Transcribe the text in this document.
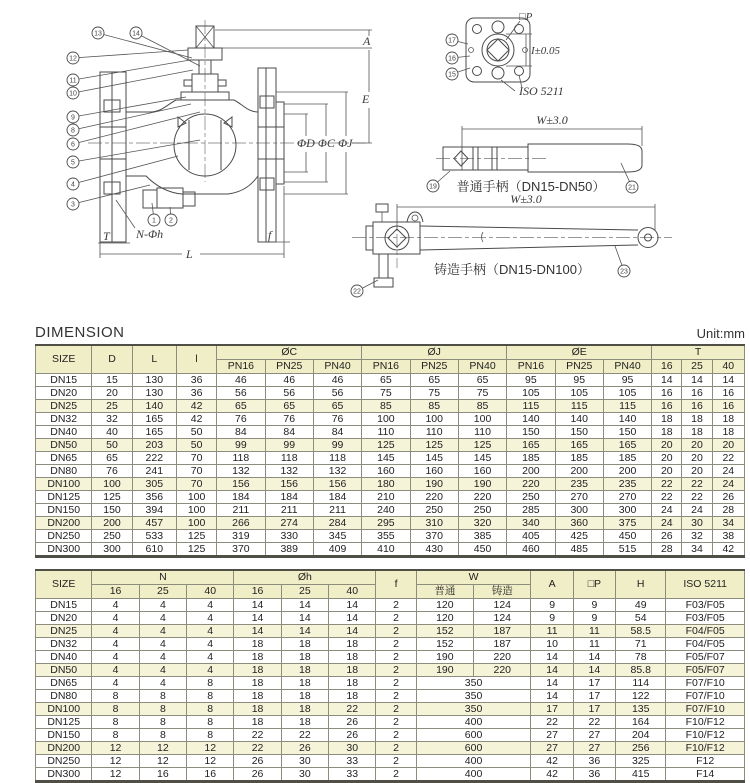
ΦD ΦC ΦJ
A
E
L
T	f
N-Φh
□P
I±0.05
ISO 5211
W±3.0
普通手柄（DN15-DN50）
W±3.0
铸造手柄（DN15-DN100）
13	14
12
11
10
9
8
6
5
4
3
1 2
17
16
15
19	21
22
23
DIMENSION	Unit:mm
SIZE	D	L	l	ØC			ØJ			ØE			T		
				PN16	PN25	PN40	PN16	PN25	PN40	PN16	PN25	PN40	16	25	40
DN15	15	130	36	46	46	46	65	65	65	95	95	95	14	14	14
DN20	20	130	36	56	56	56	75	75	75	105	105	105	16	16	16
DN25	25	140	42	65	65	65	85	85	85	115	115	115	16	16	16
DN32	32	165	42	76	76	76	100	100	100	140	140	140	18	18	18
DN40	40	165	50	84	84	84	110	110	110	150	150	150	18	18	18
DN50	50	203	50	99	99	99	125	125	125	165	165	165	20	20	20
DN65	65	222	70	118	118	118	145	145	145	185	185	185	20	20	22
DN80	76	241	70	132	132	132	160	160	160	200	200	200	20	20	24
DN100	100	305	70	156	156	156	180	190	190	220	235	235	22	22	24
DN125	125	356	100	184	184	184	210	220	220	250	270	270	22	22	26
DN150	150	394	100	211	211	211	240	250	250	285	300	300	24	24	28
DN200	200	457	100	266	274	284	295	310	320	340	360	375	24	30	34
DN250	250	533	125	319	330	345	355	370	385	405	425	450	26	32	38
DN300	300	610	125	370	389	409	410	430	450	460	485	515	28	34	42
SIZE	N			Øh			f	W		A	□P	H	ISO 5211
	16	25	40	16	25	40		普通	铸造				
DN15	4	4	4	14	14	14	2	120	124	9	9	49	F03/F05
DN20	4	4	4	14	14	14	2	120	124	9	9	54	F03/F05
DN25	4	4	4	14	14	14	2	152	187	11	11	58.5	F04/F05
DN32	4	4	4	18	18	18	2	152	187	10	11	71	F04/F05
DN40	4	4	4	18	18	18	2	190	220	14	14	78	F05/F07
DN50	4	4	4	18	18	18	2	190	220	14	14	85.8	F05/F07
DN65	4	4	8	18	18	18	2	350		14	17	114	F07/F10
DN80	8	8	8	18	18	18	2	350		14	17	122	F07/F10
DN100	8	8	8	18	18	22	2	350		17	17	135	F07/F10
DN125	8	8	8	18	18	26	2	400		22	22	164	F10/F12
DN150	8	8	8	22	22	26	2	600		27	27	204	F10/F12
DN200	12	12	12	22	26	30	2	600		27	27	256	F10/F12
DN250	12	12	12	26	30	33	2	400		42	36	325	F12
DN300	12	16	16	26	30	33	2	400		42	36	415	F14
